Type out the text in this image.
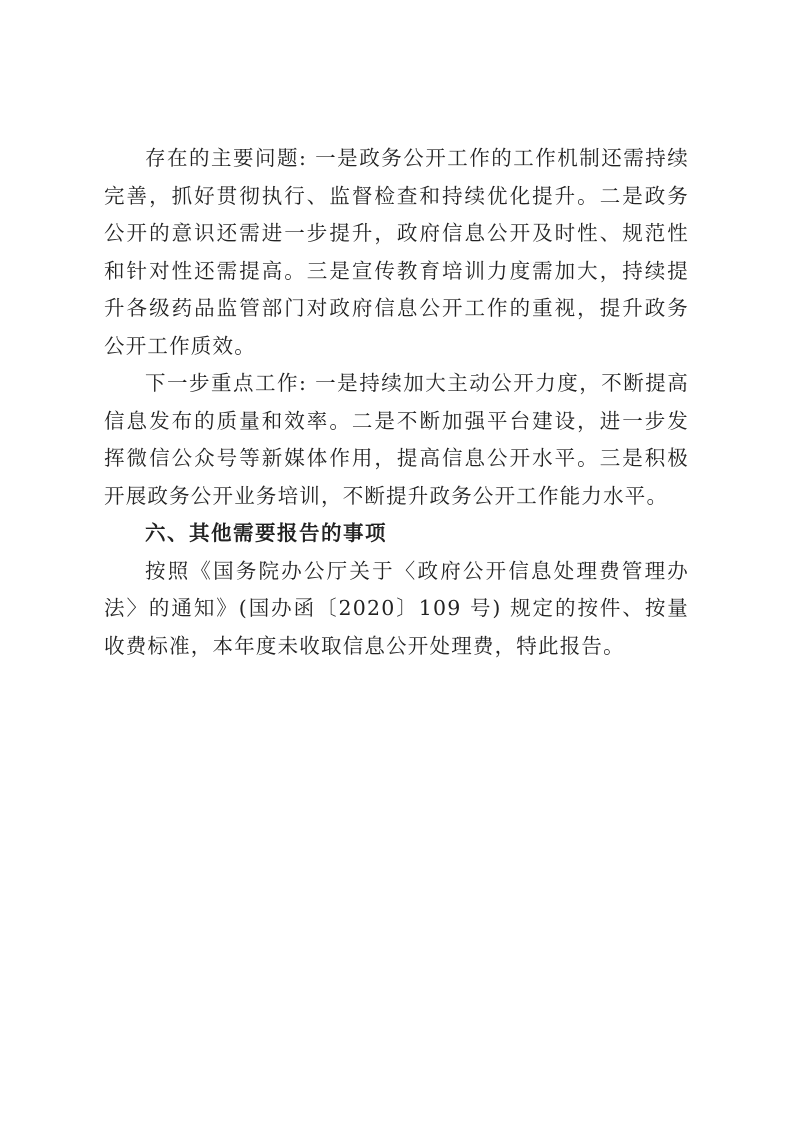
存在的主要问题: 一是政务公开工作的工作机制还需持续完善，抓好贯彻执行、监督检查和持续优化提升。二是政务公开的意识还需进一步提升，政府信息公开及时性、规范性和针对性还需提高。三是宣传教育培训力度需加大，持续提升各级药品监管部门对政府信息公开工作的重视，提升政务公开工作质效。

下一步重点工作: 一是持续加大主动公开力度，不断提高信息发布的质量和效率。二是不断加强平台建设，进一步发挥微信公众号等新媒体作用，提高信息公开水平。三是积极开展政务公开业务培训，不断提升政务公开工作能力水平。

六、其他需要报告的事项

按照《国务院办公厅关于〈政府公开信息处理费管理办法〉的通知》(国办函〔2020〕109 号) 规定的按件、按量收费标准，本年度未收取信息公开处理费，特此报告。
